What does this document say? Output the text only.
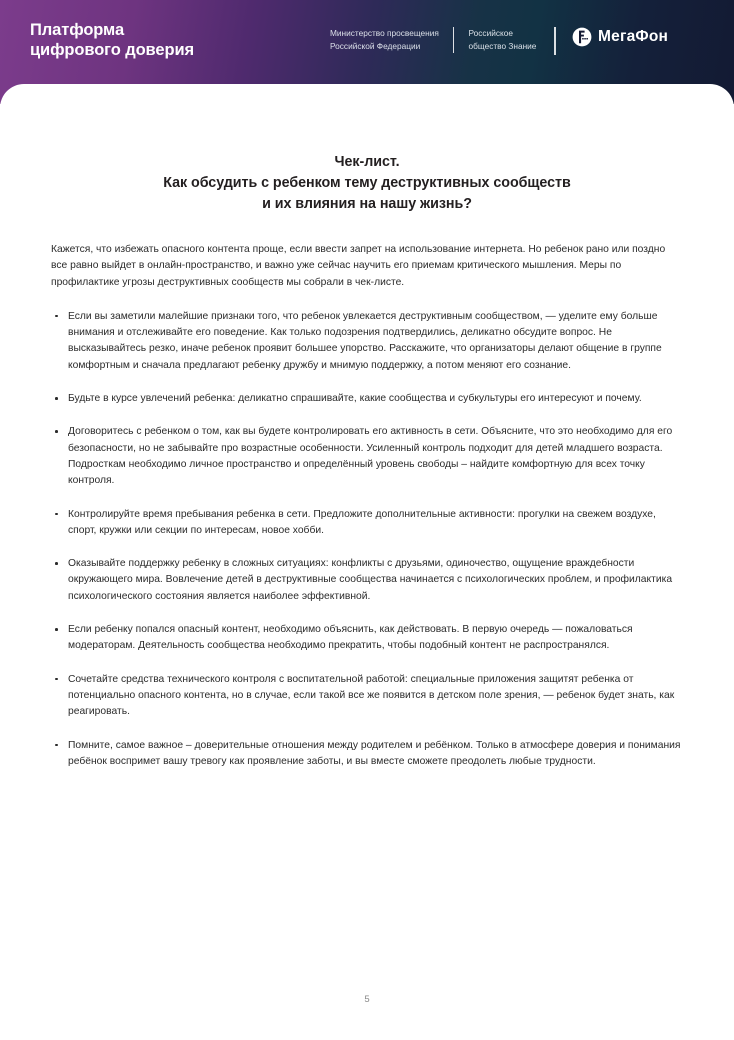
Платформа
цифрового доверия
Министерство просвещения
Российской Федерации
Российское
общество Знание
МегаФон
Чек-лист.
Как обсудить с ребенком тему деструктивных сообществ
и их влияния на нашу жизнь?

Кажется, что избежать опасного контента проще, если ввести запрет на использование интернета. Но ребенок рано или поздно все равно выйдет в онлайн-пространство, и важно уже сейчас научить его приемам критического мышления. Меры по профилактике угрозы деструктивных сообществ мы собрали в чек-листе.

Если вы заметили малейшие признаки того, что ребенок увлекается деструктивным сообществом, — уделите ему больше внимания и отслеживайте его поведение. Как только подозрения подтвердились, деликатно обсудите вопрос. Не высказывайтесь резко, иначе ребенок проявит большее упорство. Расскажите, что организаторы делают общение в группе комфортным и сначала предлагают ребенку дружбу и мнимую поддержку, а потом меняют его сознание.
Будьте в курсе увлечений ребенка: деликатно спрашивайте, какие сообщества и субкультуры его интересуют и почему.
Договоритесь с ребенком о том, как вы будете контролировать его активность в сети. Объясните, что это необходимо для его безопасности, но не забывайте про возрастные особенности. Усиленный контроль подходит для детей младшего возраста. Подросткам необходимо личное пространство и определённый уровень свободы – найдите комфортную для всех точку контроля.
Контролируйте время пребывания ребенка в сети. Предложите дополнительные активности: прогулки на свежем воздухе, спорт, кружки или секции по интересам, новое хобби.
Оказывайте поддержку ребенку в сложных ситуациях: конфликты с друзьями, одиночество, ощущение враждебности окружающего мира. Вовлечение детей в деструктивные сообщества начинается с психологических проблем, и профилактика психологического состояния является наиболее эффективной.
Если ребенку попался опасный контент, необходимо объяснить, как действовать. В первую очередь — пожаловаться модераторам. Деятельность сообщества необходимо прекратить, чтобы подобный контент не распространялся.
Сочетайте средства технического контроля с воспитательной работой: специальные приложения защитят ребенка от потенциально опасного контента, но в случае, если такой все же появится в детском поле зрения, — ребенок будет знать, как реагировать.
Помните, самое важное – доверительные отношения между родителем и ребёнком. Только в атмосфере доверия и понимания ребёнок воспримет вашу тревогу как проявление заботы, и вы вместе сможете преодолеть любые трудности.
5
